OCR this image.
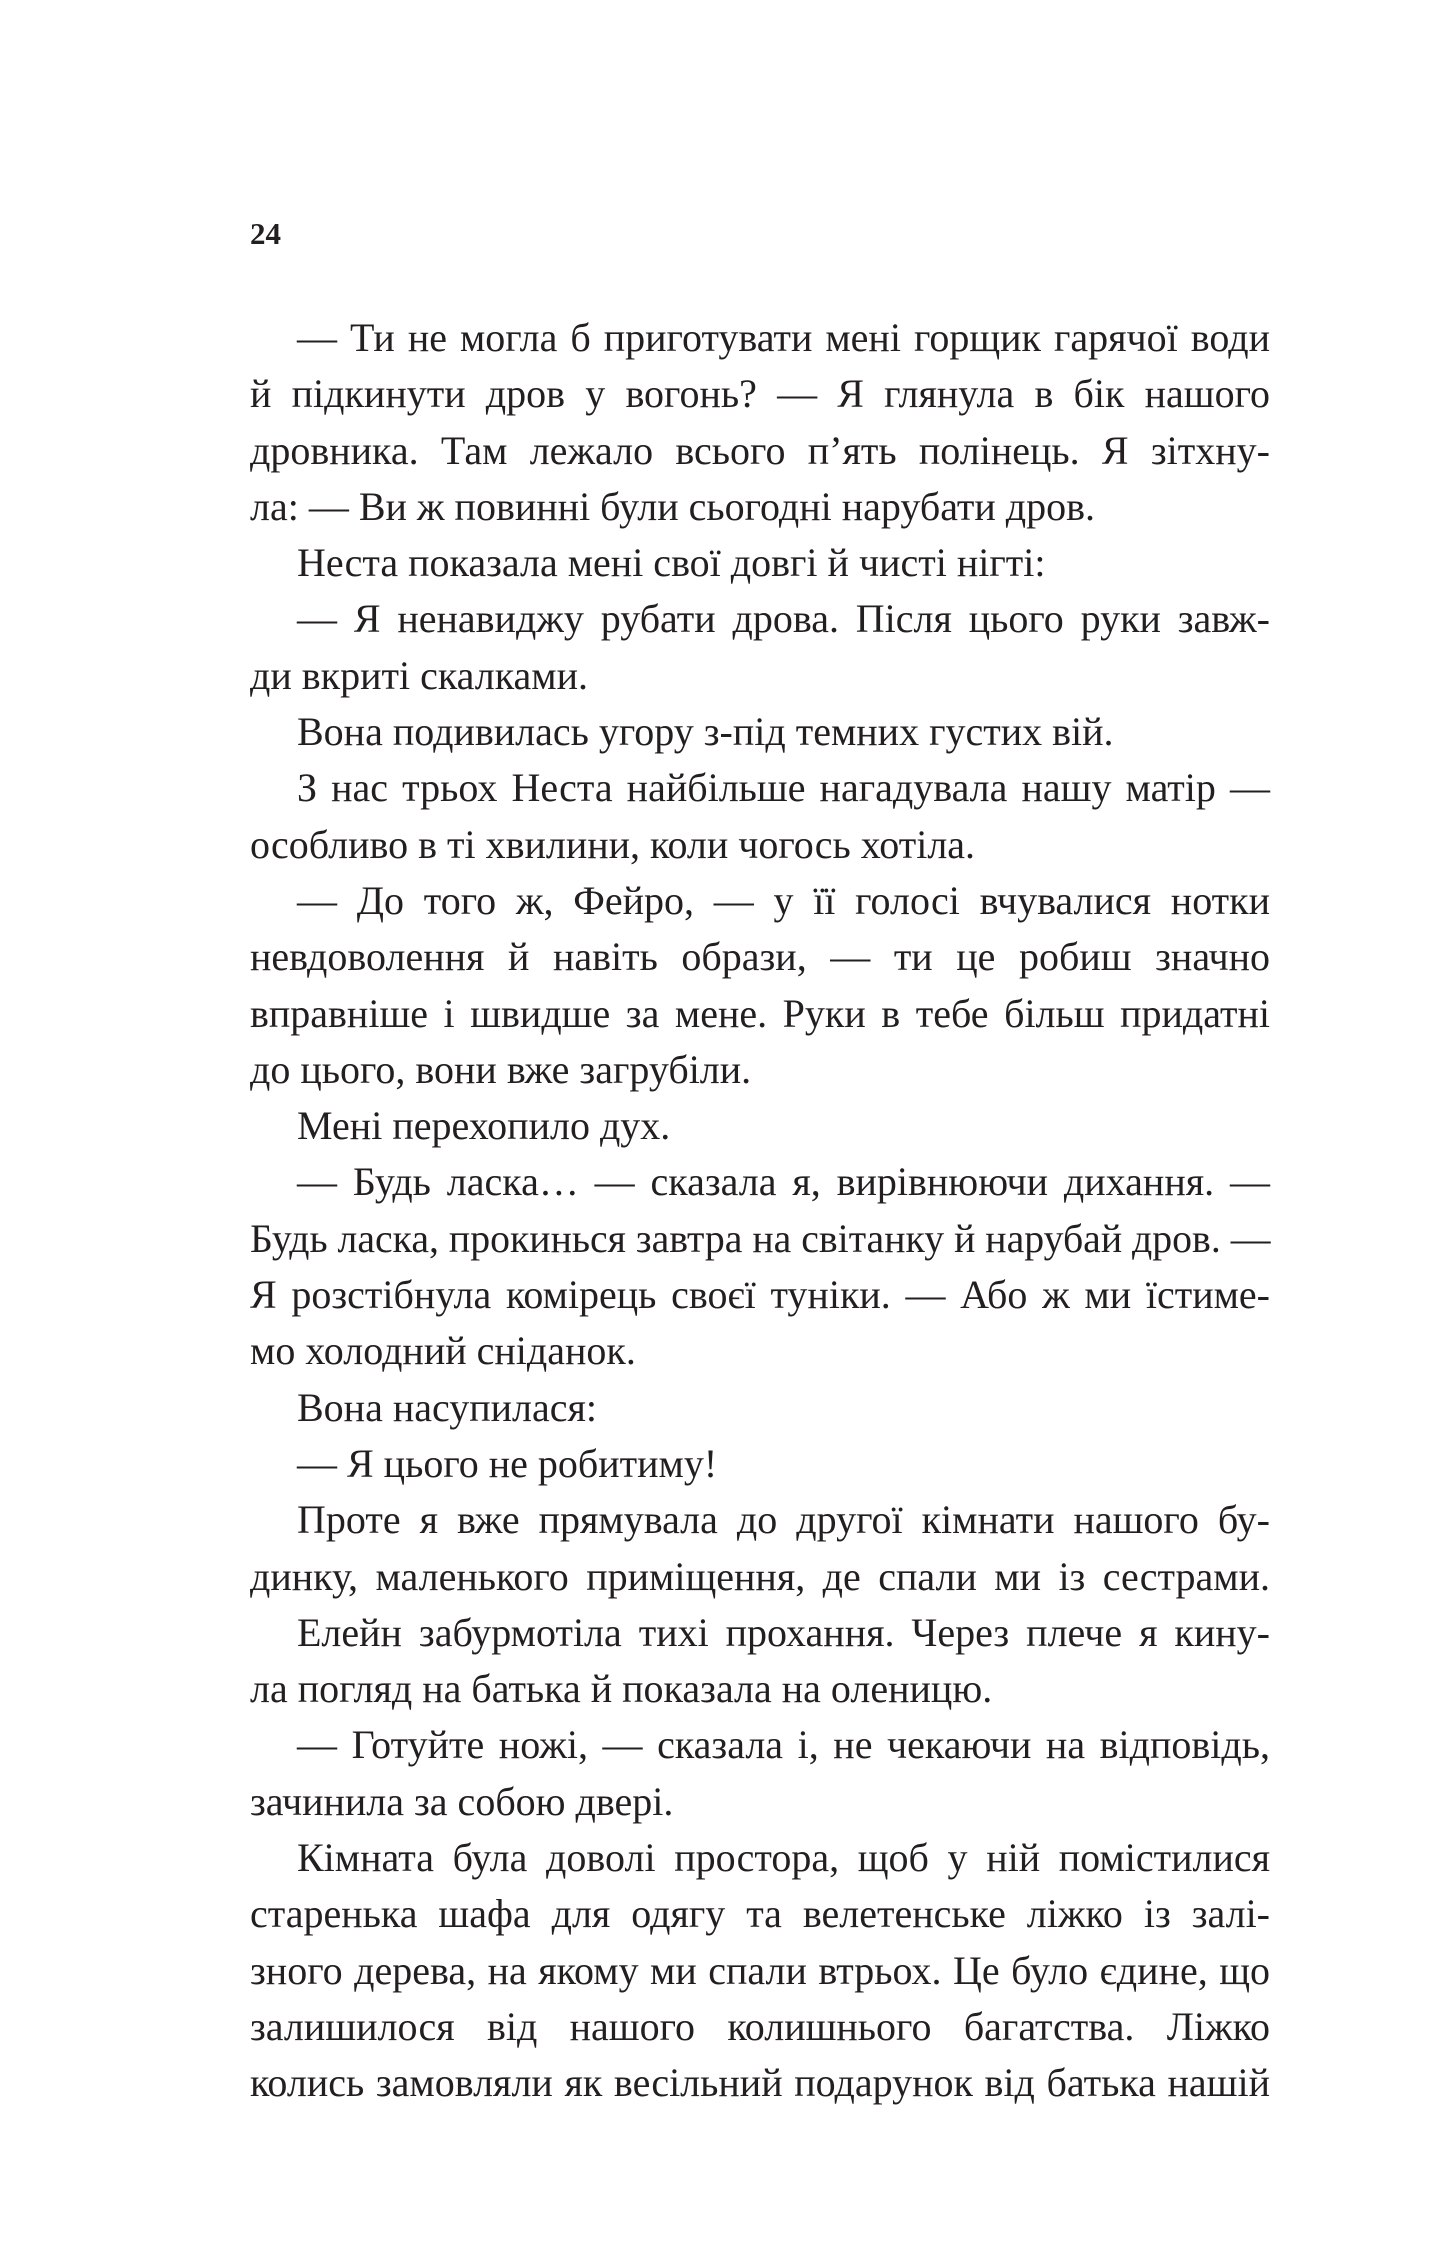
24
— Ти не могла б приготувати мені горщик гарячої води
й підкинути дров у вогонь? — Я глянула в бік нашого
дровника. Там лежало всього п’ять полінець. Я зітхну-
ла: — Ви ж повинні були сьогодні нарубати дров.
Неста показала мені свої довгі й чисті нігті:
— Я ненавиджу рубати дрова. Після цього руки завж-
ди вкриті скалками.
Вона подивилась угору з-під темних густих вій.
З нас трьох Неста найбільше нагадувала нашу матір —
особливо в ті хвилини, коли чогось хотіла.
— До того ж, Фейро, — у її голосі вчувалися нотки
невдоволення й навіть образи, — ти це робиш значно
вправніше і швидше за мене. Руки в тебе більш придатні
до цього, вони вже загрубіли.
Мені перехопило дух.
— Будь ласка… — сказала я, вирівнюючи дихання. —
Будь ласка, прокинься завтра на світанку й нарубай дров. —
Я розстібнула комірець своєї туніки. — Або ж ми їстиме-
мо холодний сніданок.
Вона насупилася:
— Я цього не робитиму!
Проте я вже прямувала до другої кімнати нашого бу-
динку, маленького приміщення, де спали ми із сестрами.
Елейн забурмотіла тихі прохання. Через плече я кину-
ла погляд на батька й показала на оленицю.
— Готуйте ножі, — сказала і, не чекаючи на відповідь,
зачинила за собою двері.
Кімната була доволі простора, щоб у ній помістилися
старенька шафа для одягу та велетенське ліжко із залі-
зного дерева, на якому ми спали втрьох. Це було єдине, що
залишилося від нашого колишнього багатства. Ліжко
колись замовляли як весільний подарунок від батька нашій
